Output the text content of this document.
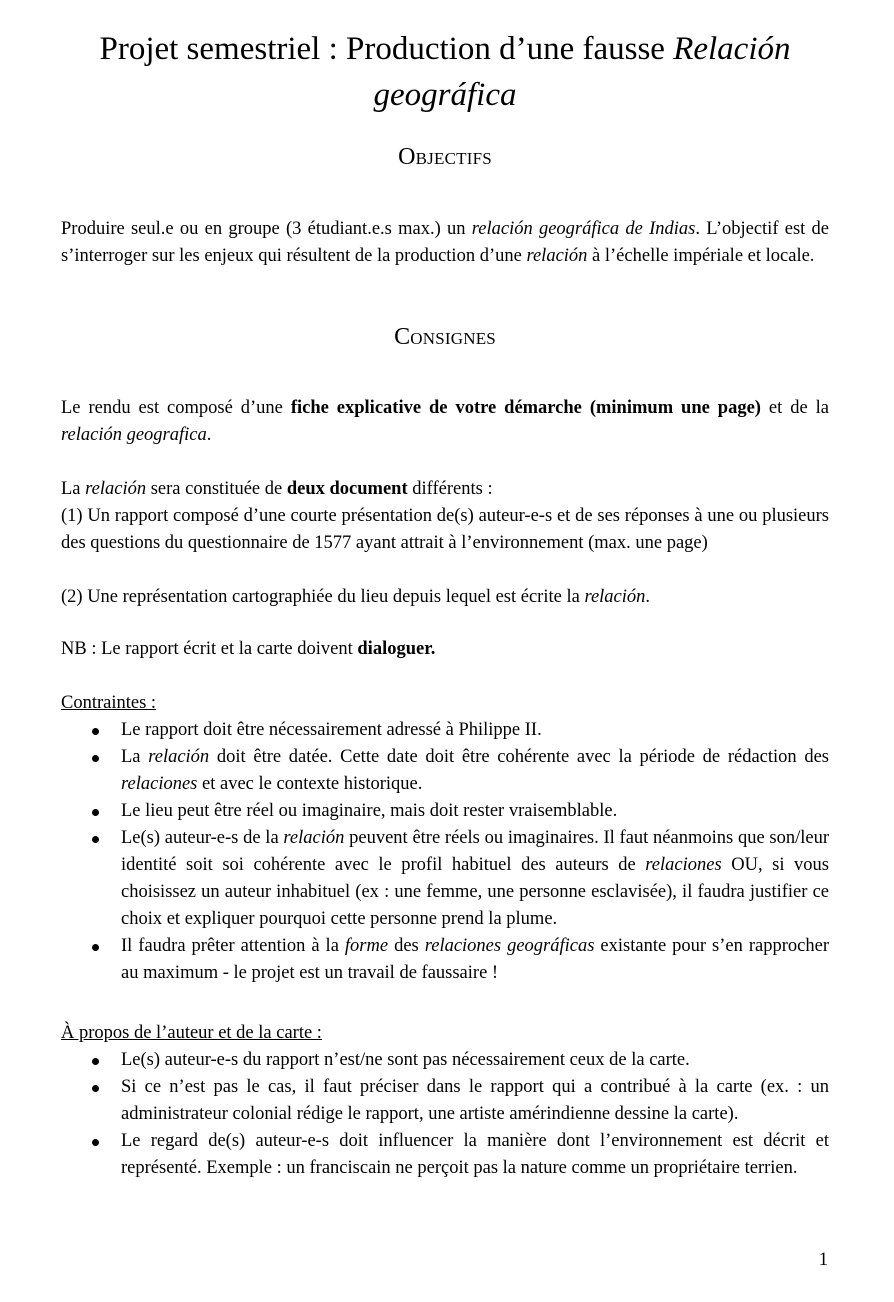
Projet semestriel : Production d’une fausse Relación geográfica
Objectifs

Produire seul.e ou en groupe (3 étudiant.e.s max.) un relación geográfica de Indias. L’objectif est de s’interroger sur les enjeux qui résultent de la production d’une relación à l’échelle impériale et locale.

Consignes

Le rendu est composé d’une fiche explicative de votre démarche (minimum une page) et de la relación geografica.

La relación sera constituée de deux document différents :

(1) Un rapport composé d’une courte présentation de(s) auteur-e-s et de ses réponses à une ou plusieurs des questions du questionnaire de 1577 ayant attrait à l’environnement (max. une page)

(2) Une représentation cartographiée du lieu depuis lequel est écrite la relación.

NB : Le rapport écrit et la carte doivent dialoguer.

Contraintes :

Le rapport doit être nécessairement adressé à Philippe II.
La relación doit être datée. Cette date doit être cohérente avec la période de rédaction des relaciones et avec le contexte historique.
Le lieu peut être réel ou imaginaire, mais doit rester vraisemblable.
Le(s) auteur-e-s de la relación peuvent être réels ou imaginaires. Il faut néanmoins que son/leur identité soit soi cohérente avec le profil habituel des auteurs de relaciones OU, si vous choisissez un auteur inhabituel (ex : une femme, une personne esclavisée), il faudra justifier ce choix et expliquer pourquoi cette personne prend la plume.
Il faudra prêter attention à la forme des relaciones geográficas existante pour s’en rapprocher au maximum - le projet est un travail de faussaire !

À propos de l’auteur et de la carte :

Le(s) auteur-e-s du rapport n’est/ne sont pas nécessairement ceux de la carte.
Si ce n’est pas le cas, il faut préciser dans le rapport qui a contribué à la carte (ex. : un administrateur colonial rédige le rapport, une artiste amérindienne dessine la carte).
Le regard de(s) auteur-e-s doit influencer la manière dont l’environnement est décrit et représenté. Exemple : un franciscain ne perçoit pas la nature comme un propriétaire terrien.
1
